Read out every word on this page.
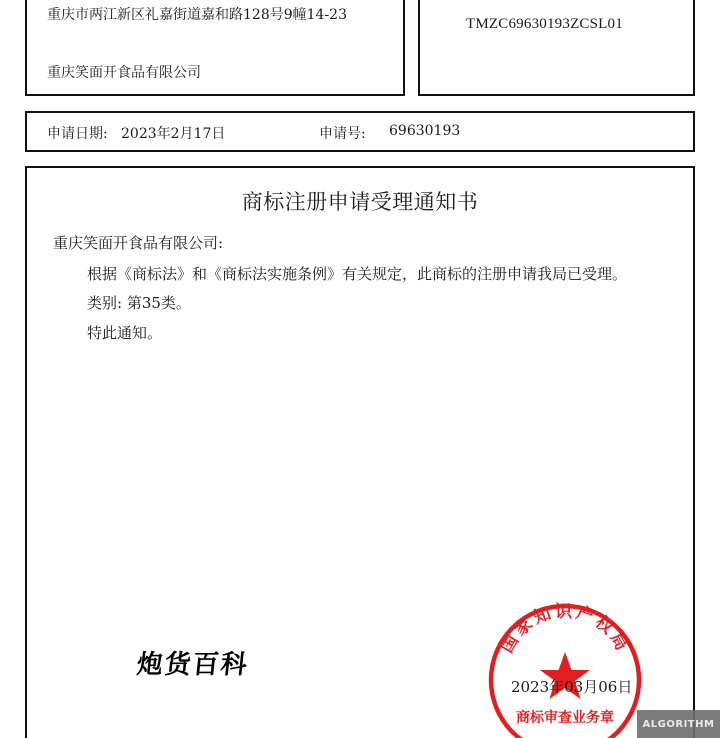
重庆市两江新区礼嘉街道嘉和路128号9幢14-23
重庆笑面开食品有限公司
TMZC69630193ZCSL01
申请日期: 2023年2月17日	申请号: 69630193
商标注册申请受理通知书
重庆笑面开食品有限公司:
根据《商标法》和《商标法实施条例》有关规定，此商标的注册申请我局已受理。
类别: 第35类。
特此通知。
炮货百科
国家知识产权局
商标审查业务章
2023年03月06日
ALGORITHM
